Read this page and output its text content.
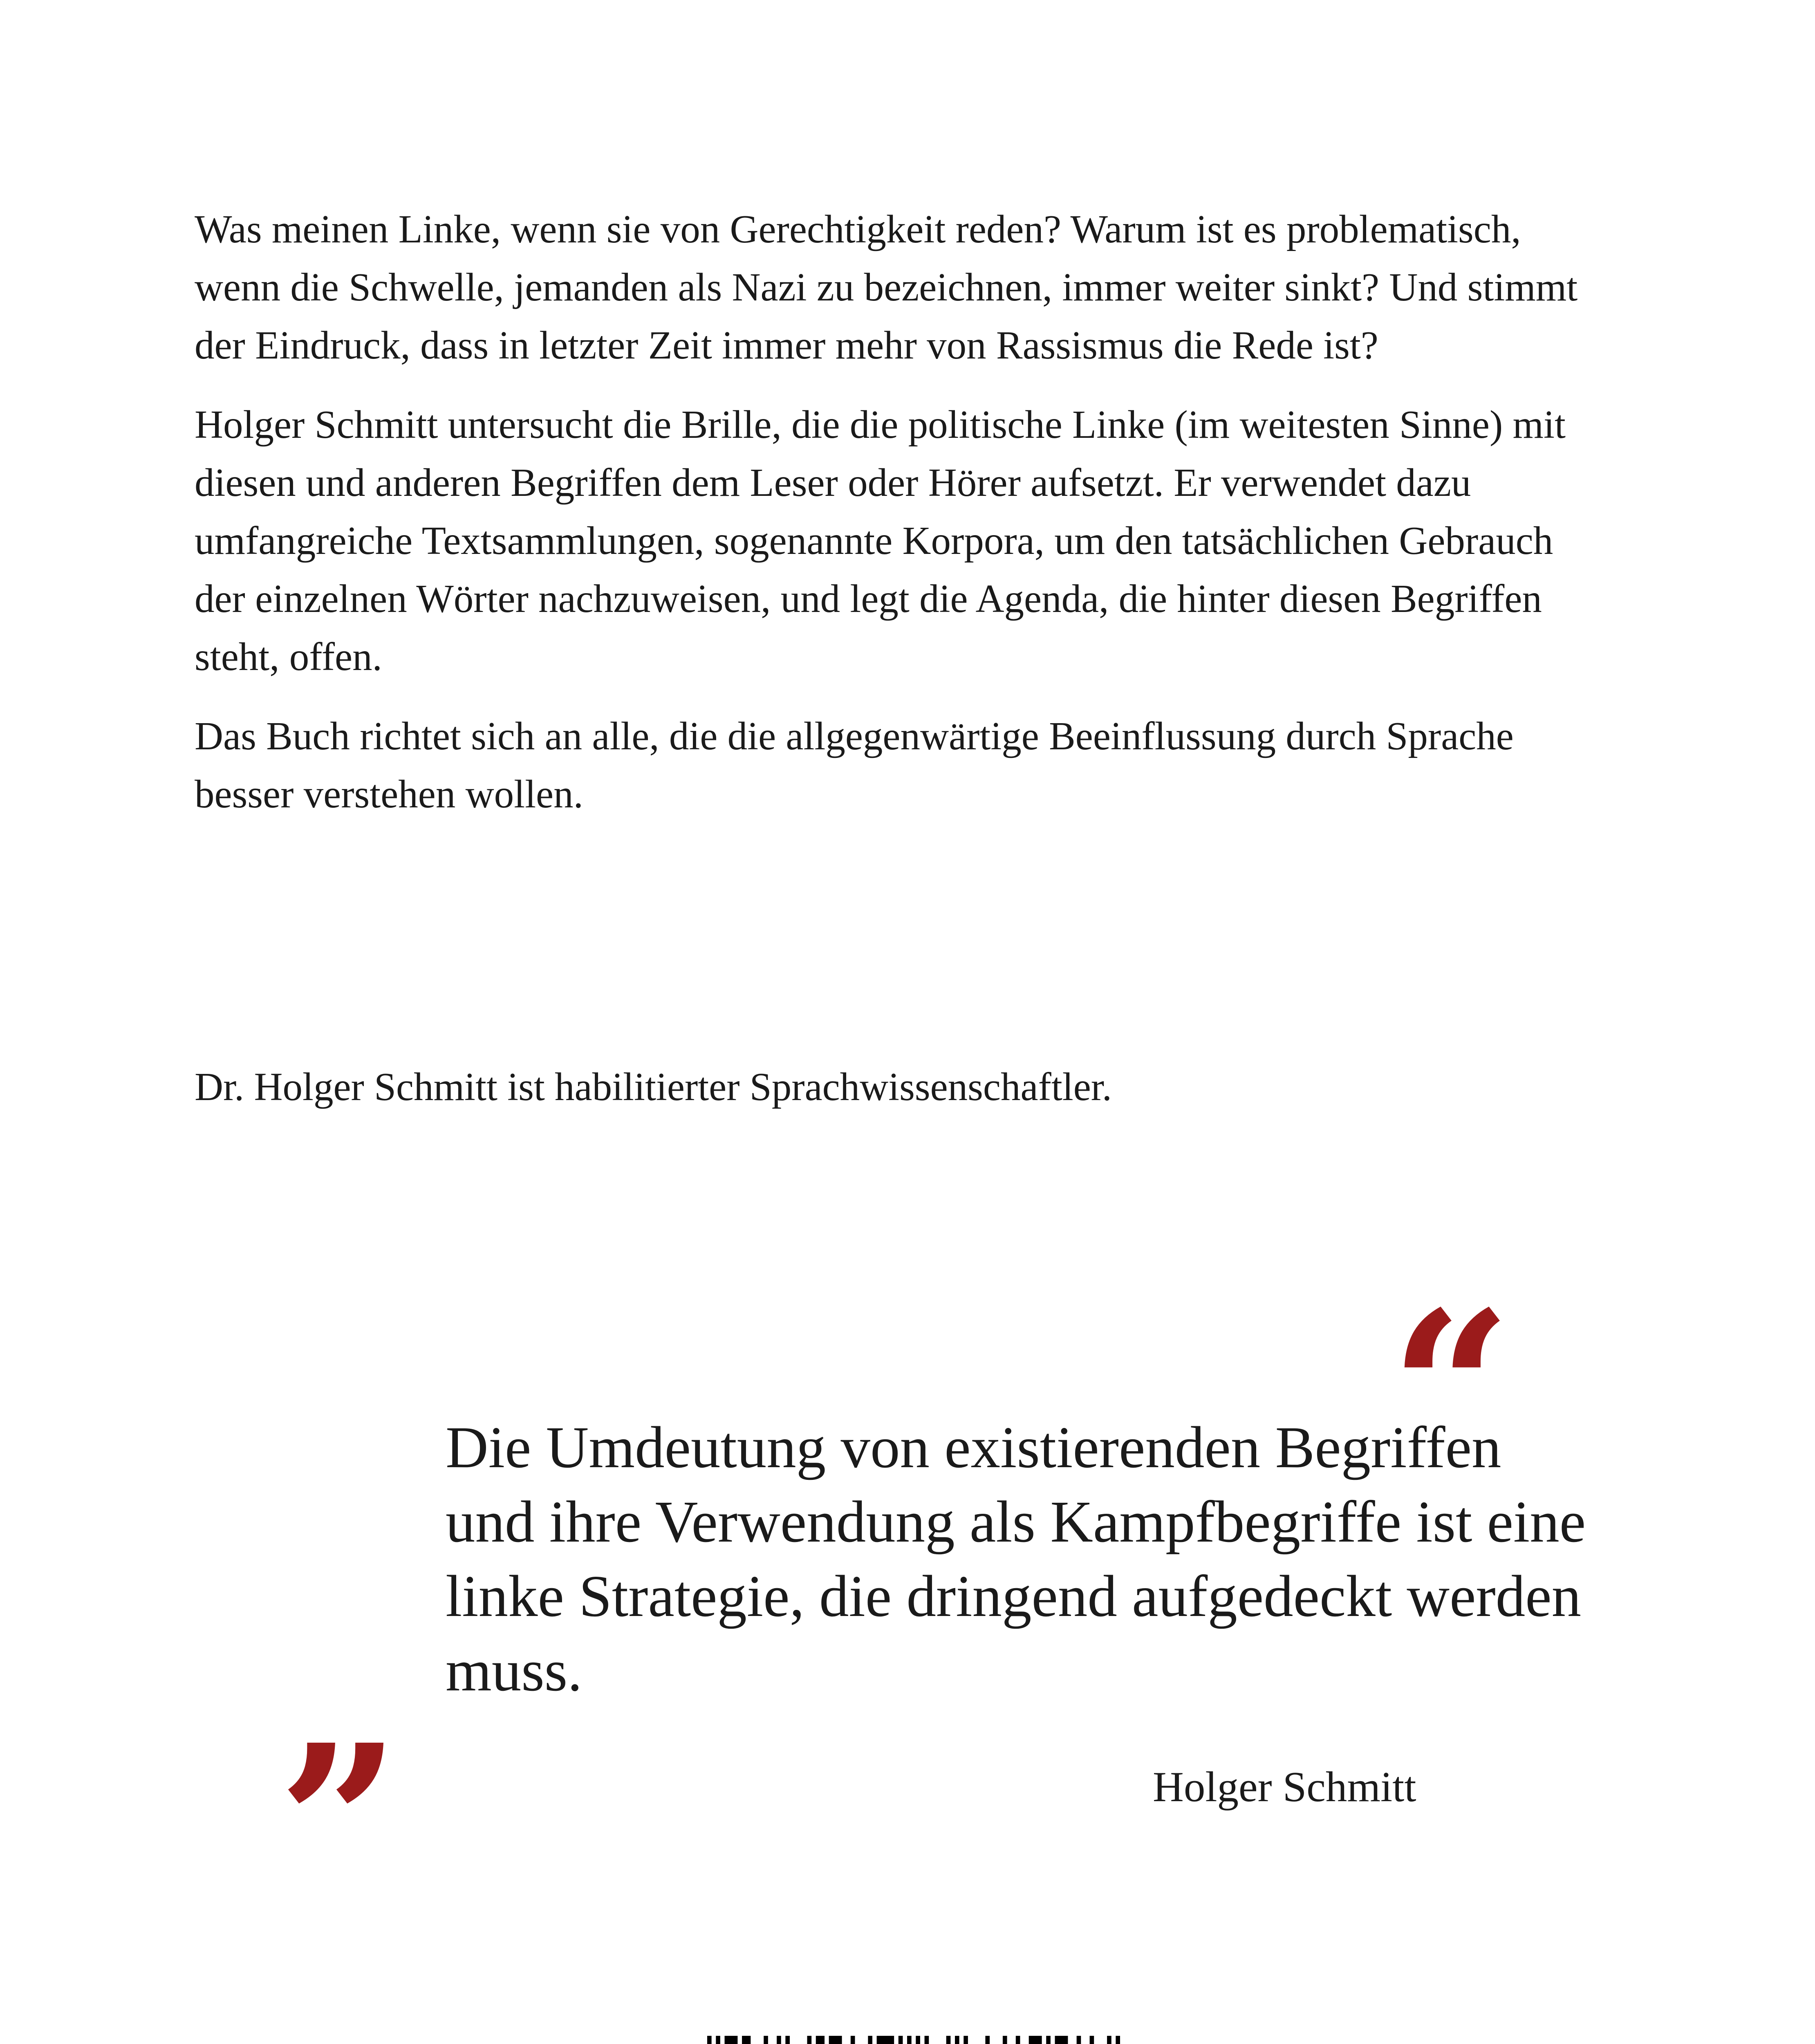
Was meinen Linke, wenn sie von Gerechtigkeit reden? Warum ist es problematisch, wenn die Schwelle, jemanden als Nazi zu bezeichnen, immer weiter sinkt? Und stimmt der Eindruck, dass in letzter Zeit immer mehr von Rassismus die Rede ist?

Holger Schmitt untersucht die Brille, die die politische Linke (im weitesten Sinne) mit diesen und anderen Begriffen dem Leser oder Hörer aufsetzt. Er verwendet dazu umfangreiche Textsammlungen, sogenannte Korpora, um den tatsächlichen Gebrauch der einzelnen Wörter nachzuweisen, und legt die Agenda, die hinter diesen Begriffen steht, offen.

Das Buch richtet sich an alle, die die allgegenwärtige Beeinflussung durch Sprache besser verstehen wollen.

Dr. Holger Schmitt ist habilitierter Sprachwissenschaftler.

“

Die Umdeutung von existierenden Begriffen und ihre Verwendung als Kampfbegriffe ist eine linke Strategie, die dringend aufgedeckt werden muss.

”	Holger Schmitt
